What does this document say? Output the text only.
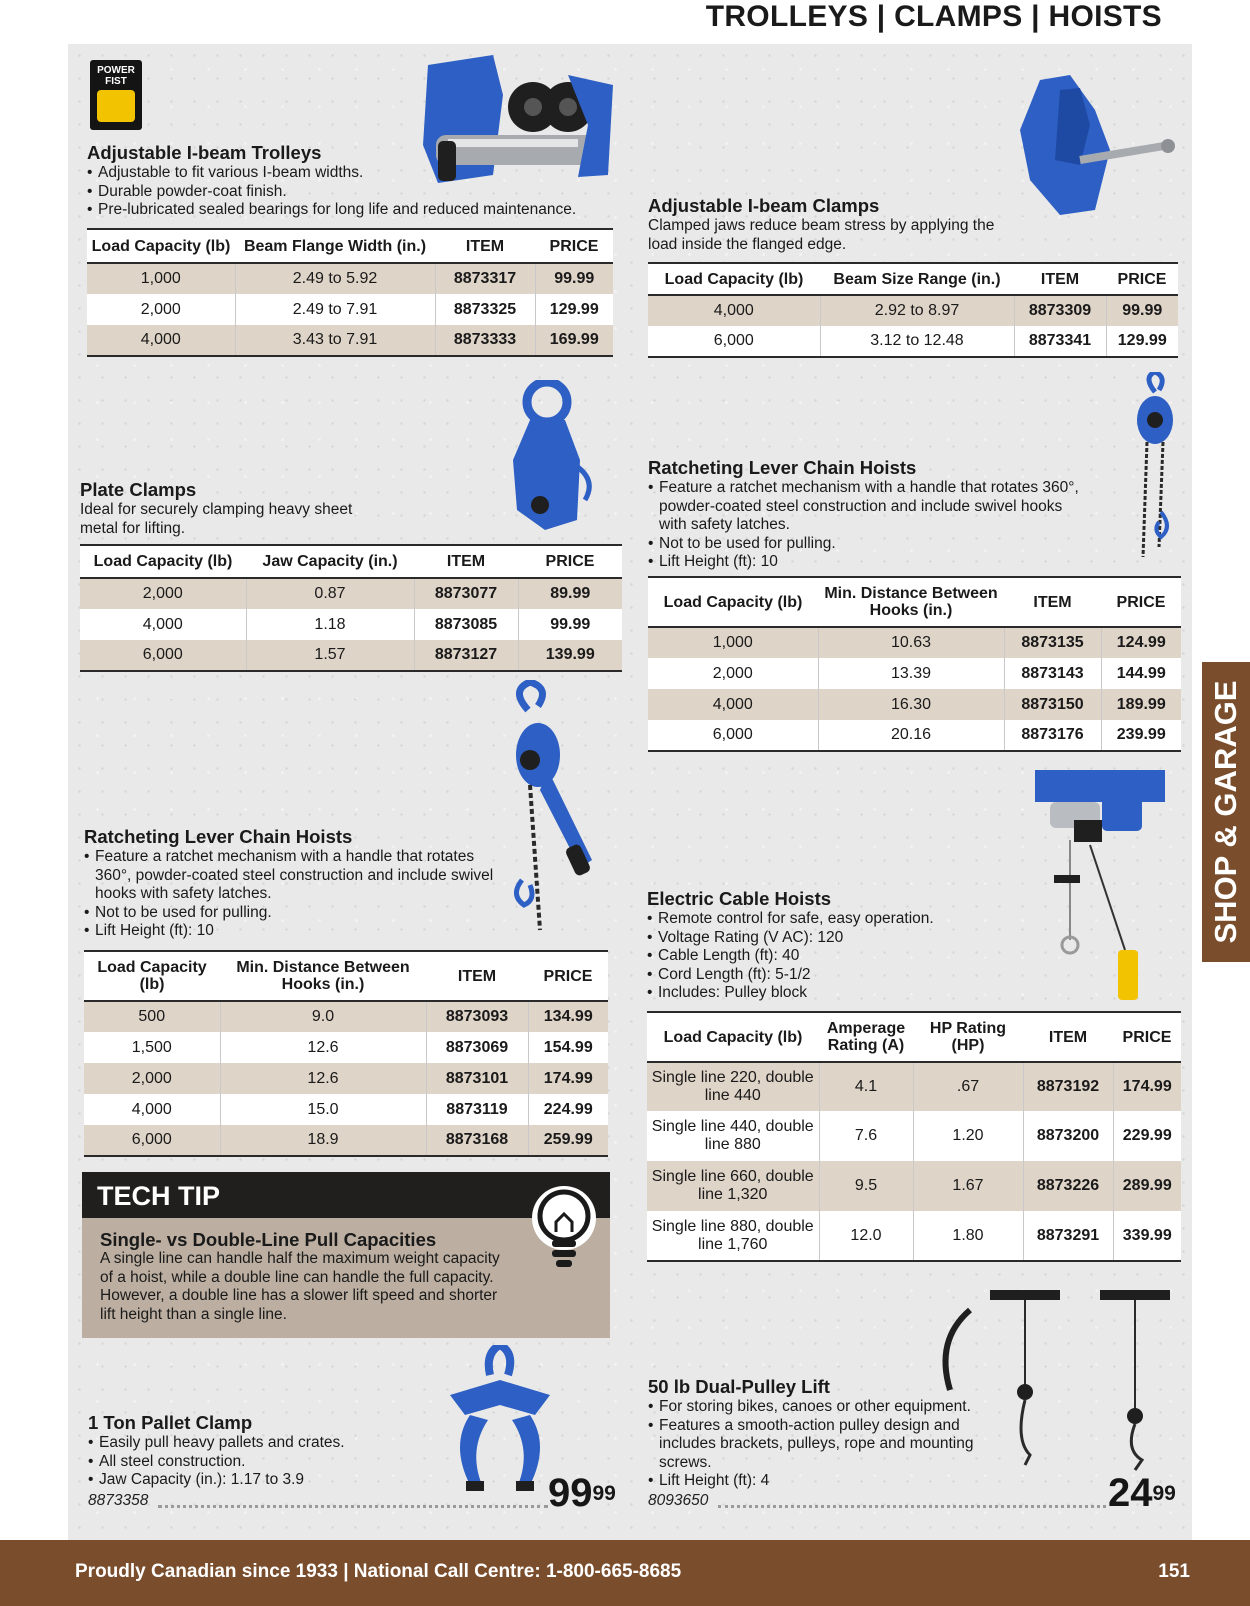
TROLLEYS | CLAMPS | HOISTS
POWER FIST
Adjustable I-beam Trolleys
• Adjustable to fit various I-beam widths.
• Durable powder-coat finish.
• Pre-lubricated sealed bearings for long life and reduced maintenance.
Load Capacity (lb)	Beam Flange Width (in.)	ITEM	PRICE
1,000	2.49 to 5.92	8873317	99.99
2,000	2.49 to 7.91	8873325	129.99
4,000	3.43 to 7.91	8873333	169.99
Adjustable I-beam Clamps
Clamped jaws reduce beam stress by applying the load inside the flanged edge.
Load Capacity (lb)	Beam Size Range (in.)	ITEM	PRICE
4,000	2.92 to 8.97	8873309	99.99
6,000	3.12 to 12.48	8873341	129.99
Plate Clamps
Ideal for securely clamping heavy sheet metal for lifting.
Load Capacity (lb)	Jaw Capacity (in.)	ITEM	PRICE
2,000	0.87	8873077	89.99
4,000	1.18	8873085	99.99
6,000	1.57	8873127	139.99
Ratcheting Lever Chain Hoists
• Feature a ratchet mechanism with a handle that rotates 360°, powder-coated steel construction and include swivel hooks with safety latches.
• Not to be used for pulling.
• Lift Height (ft): 10
Load Capacity (lb)	Min. Distance Between Hooks (in.)	ITEM	PRICE
1,000	10.63	8873135	124.99
2,000	13.39	8873143	144.99
4,000	16.30	8873150	189.99
6,000	20.16	8873176	239.99
Ratcheting Lever Chain Hoists
• Feature a ratchet mechanism with a handle that rotates 360°, powder-coated steel construction and include swivel hooks with safety latches.
• Not to be used for pulling.
• Lift Height (ft): 10
Load Capacity (lb)	Min. Distance Between Hooks (in.)	ITEM	PRICE
500	9.0	8873093	134.99
1,500	12.6	8873069	154.99
2,000	12.6	8873101	174.99
4,000	15.0	8873119	224.99
6,000	18.9	8873168	259.99
Electric Cable Hoists
• Remote control for safe, easy operation.
• Voltage Rating (V AC): 120
• Cable Length (ft): 40
• Cord Length (ft): 5-1/2
• Includes: Pulley block
Load Capacity (lb)	Amperage Rating (A)	HP Rating (HP)	ITEM	PRICE
Single line 220, double line 440	4.1	.67	8873192	174.99
Single line 440, double line 880	7.6	1.20	8873200	229.99
Single line 660, double line 1,320	9.5	1.67	8873226	289.99
Single line 880, double line 1,760	12.0	1.80	8873291	339.99
TECH TIP
Single- vs Double-Line Pull Capacities
A single line can handle half the maximum weight capacity of a hoist, while a double line can handle the full capacity. However, a double line has a slower lift speed and shorter lift height than a single line.
1 Ton Pallet Clamp
• Easily pull heavy pallets and crates.
• All steel construction.
• Jaw Capacity (in.): 1.17 to 3.9
8873358	$99^{99}$
50 lb Dual-Pulley Lift
• For storing bikes, canoes or other equipment.
• Features a smooth-action pulley design and includes brackets, pulleys, rope and mounting screws.
• Lift Height (ft): 4
8093650	$24^{99}$
SHOP & GARAGE
Proudly Canadian since 1933 | National Call Centre: 1-800-665-8685	151
